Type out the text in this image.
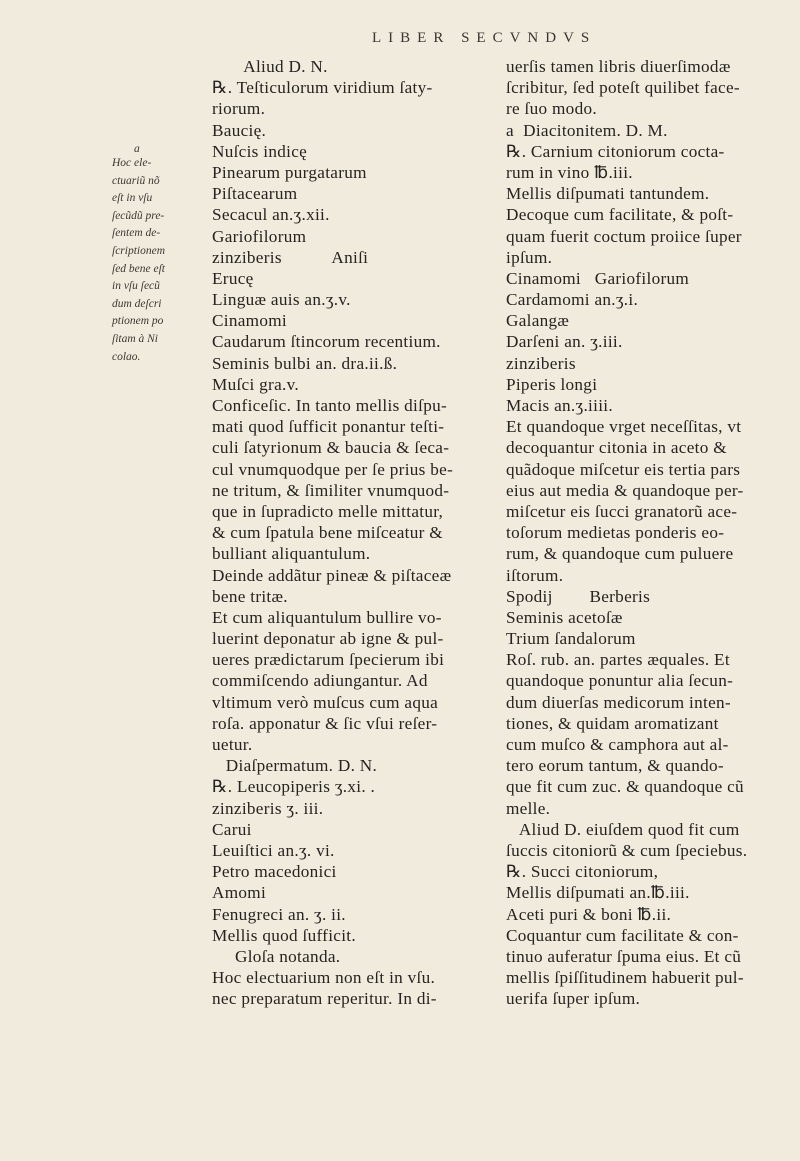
LIBER SECVNDVS
a
Hoc ele-
ctuariũ nõ
eſt in vſu
ſecũdũ pre-
ſentem de-
ſcriptionem
ſed bene eſt
in vſu ſecũ
dum deſcri
ptionem po
ſitam à Ni
colao.
Aliud D. N.
℞. Teſticulorum viridium ſaty-
riorum.
Baucię.
Nuſcis indicę
Pinearum purgatarum
Piſtacearum
Secacul an.ʒ.xii.
Gariofilorum
zinziberis           Aniſi
Erucę
Linguæ auis an.ʒ.v.
Cinamomi
Caudarum ſtincorum recentium.
Seminis bulbi an. dra.ii.ß.
Muſci gra.v.
Conficeſic. In tanto mellis diſpu-
mati quod ſufficit ponantur teſti-
culi ſatyrionum & baucia & ſeca-
cul vnumquodque per ſe prius be-
ne tritum, & ſimiliter vnumquod-
que in ſupradicto melle mittatur,
& cum ſpatula bene miſceatur &
bulliant aliquantulum.
Deinde addãtur pineæ & piſtaceæ
bene tritæ.
Et cum aliquantulum bullire vo-
luerint deponatur ab igne & pul-
ueres prædictarum ſpecierum ibi
commiſcendo adiungantur. Ad
vltimum verò muſcus cum aqua
roſa. apponatur & ſic vſui reſer-
uetur.
Diaſpermatum. D. N.
℞. Leucopiperis ʒ.xi. .
zinziberis ʒ. iii.
Carui
Leuiſtici an.ʒ. vi.
Petro macedonici
Amomi
Fenugreci an. ʒ. ii.
Mellis quod ſufficit.
Gloſa notanda.
Hoc electuarium non eſt in vſu.
nec preparatum reperitur. In di-
uerſis tamen libris diuerſimodæ
ſcribitur, ſed poteſt quilibet face-
re ſuo modo.
a  Diacitonitem. D. M.
℞. Carnium citoniorum cocta-
rum in vino ℔.iii.
Mellis diſpumati tantundem.
Decoque cum facilitate, & poſt-
quam fuerit coctum proiice ſuper
ipſum.
Cinamomi   Gariofilorum
Cardamomi an.ʒ.i.
Galangæ
Darſeni an. ʒ.iii.
zinziberis
Piperis longi
Macis an.ʒ.iiii.
Et quandoque vrget neceſſitas, vt
decoquantur citonia in aceto &
quãdoque miſcetur eis tertia pars
eius aut media & quandoque per-
miſcetur eis ſucci granatorũ ace-
toſorum medietas ponderis eo-
rum, & quandoque cum puluere
iſtorum.
Spodij        Berberis
Seminis acetoſæ
Trium ſandalorum
Roſ. rub. an. partes æquales. Et
quandoque ponuntur alia ſecun-
dum diuerſas medicorum inten-
tiones, & quidam aromatizant
cum muſco & camphora aut al-
tero eorum tantum, & quando-
que fit cum zuc. & quandoque cũ
melle.
Aliud D. eiuſdem quod fit cum
ſuccis citoniorũ & cum ſpeciebus.
℞. Succi citoniorum,
Mellis diſpumati an.℔.iii.
Aceti puri & boni ℔.ii.
Coquantur cum facilitate & con-
tinuo auferatur ſpuma eius. Et cũ
mellis ſpiſſitudinem habuerit pul-
uerifa ſuper ipſum.
